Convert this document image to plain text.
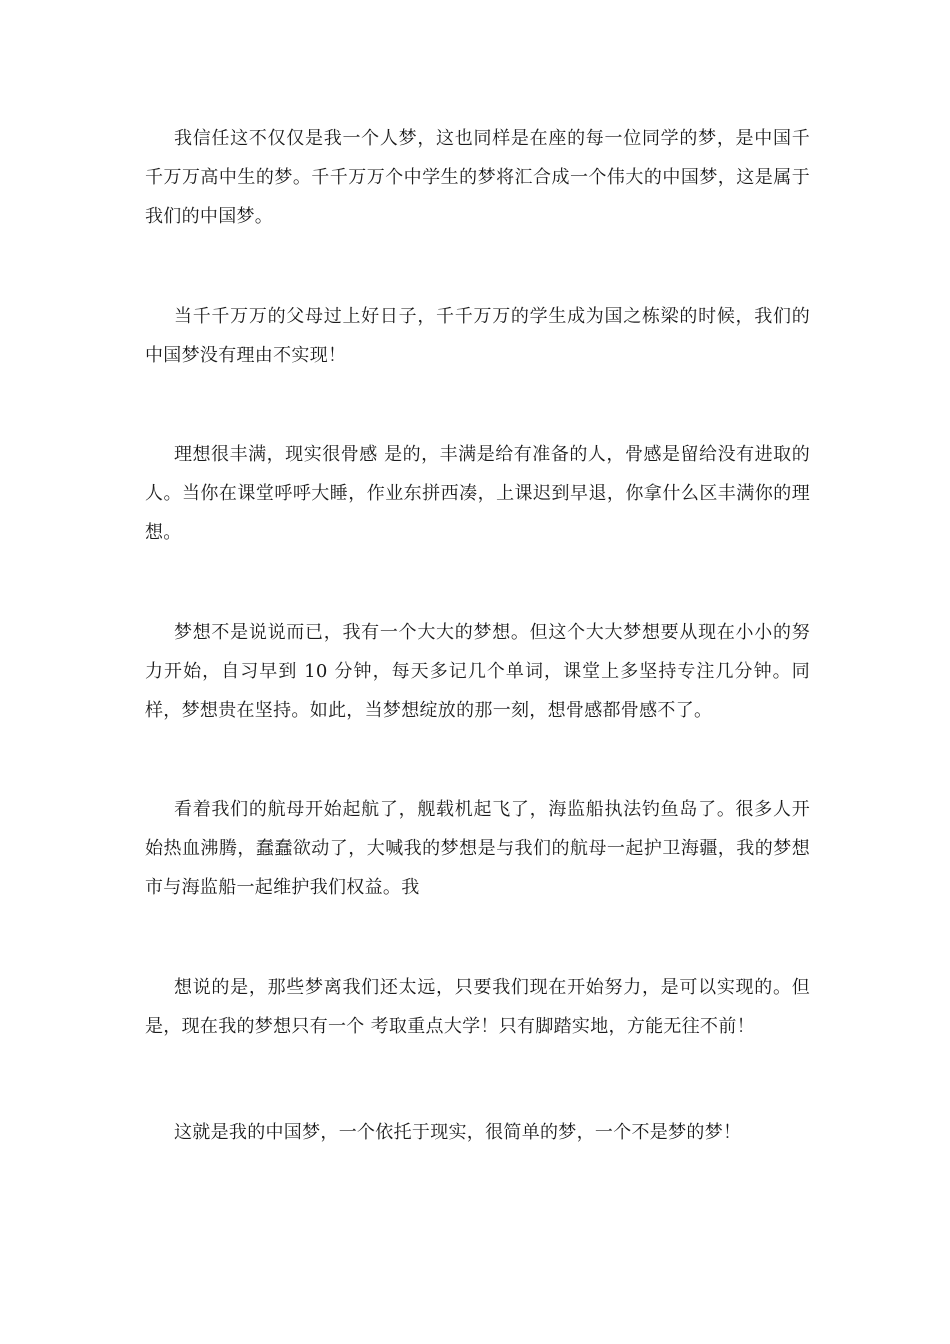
我信任这不仅仅是我一个人梦，这也同样是在座的每一位同学的梦，是中国千千万万高中生的梦。千千万万个中学生的梦将汇合成一个伟大的中国梦，这是属于我们的中国梦。

当千千万万的父母过上好日子，千千万万的学生成为国之栋梁的时候，我们的中国梦没有理由不实现！

理想很丰满，现实很骨感 是的，丰满是给有准备的人，骨感是留给没有进取的人。当你在课堂呼呼大睡，作业东拼西凑，上课迟到早退，你拿什么区丰满你的理想。

梦想不是说说而已，我有一个大大的梦想。但这个大大梦想要从现在小小的努力开始，自习早到 10 分钟，每天多记几个单词，课堂上多坚持专注几分钟。同样，梦想贵在坚持。如此，当梦想绽放的那一刻，想骨感都骨感不了。

看着我们的航母开始起航了，舰载机起飞了，海监船执法钓鱼岛了。很多人开始热血沸腾，蠢蠢欲动了，大喊我的梦想是与我们的航母一起护卫海疆，我的梦想市与海监船一起维护我们权益。我

想说的是，那些梦离我们还太远，只要我们现在开始努力，是可以实现的。但是，现在我的梦想只有一个 考取重点大学！只有脚踏实地，方能无往不前！

这就是我的中国梦，一个依托于现实，很简单的梦，一个不是梦的梦！
